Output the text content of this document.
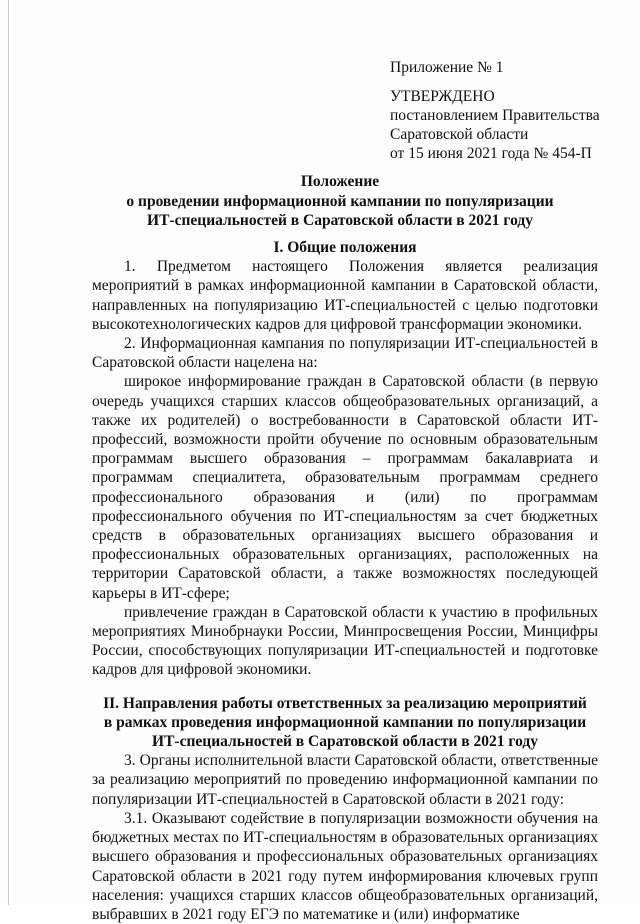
Приложение № 1
УТВЕРЖДЕНО
постановлением Правительства
Саратовской области
от 15 июня 2021 года № 454-П
Положение
о проведении информационной кампании по популяризации
ИТ-специальностей в Саратовской области в 2021 году
I. Общие положения

1. Предметом настоящего Положения является реализация мероприятий в рамках информационной кампании в Саратовской области, направленных на популяризацию ИТ-специальностей с целью подготовки высокотехнологических кадров для цифровой трансформации экономики.

2. Информационная кампания по популяризации ИТ-специальностей в Саратовской области нацелена на:

широкое информирование граждан в Саратовской области (в первую очередь учащихся старших классов общеобразовательных организаций, а также их родителей) о востребованности в Саратовской области ИТ-профессий, возможности пройти обучение по основным образовательным программам высшего образования – программам бакалавриата и программам специалитета, образовательным программам среднего профессионального образования и (или) по программам профессионального обучения по ИТ-специальностям за счет бюджетных средств в образовательных организациях высшего образования и профессиональных образовательных организациях, расположенных на территории Саратовской области, а также возможностях последующей карьеры в ИТ-сфере;

привлечение граждан в Саратовской области к участию в профильных мероприятиях Минобрнауки России, Минпросвещения России, Минцифры России, способствующих популяризации ИТ-специальностей и подготовке кадров для цифровой экономики.

II. Направления работы ответственных за реализацию мероприятий
в рамках проведения информационной кампании по популяризации
ИТ-специальностей в Саратовской области в 2021 году

3. Органы исполнительной власти Саратовской области, ответственные за реализацию мероприятий по проведению информационной кампании по популяризации ИТ-специальностей в Саратовской области в 2021 году:

3.1. Оказывают содействие в популяризации возможности обучения на бюджетных местах по ИТ-специальностям в образовательных организациях высшего образования и профессиональных образовательных организациях Саратовской области в 2021 году путем информирования ключевых групп населения: учащихся старших классов общеобразовательных организаций, выбравших в 2021 году ЕГЭ по математике и (или) информатике
